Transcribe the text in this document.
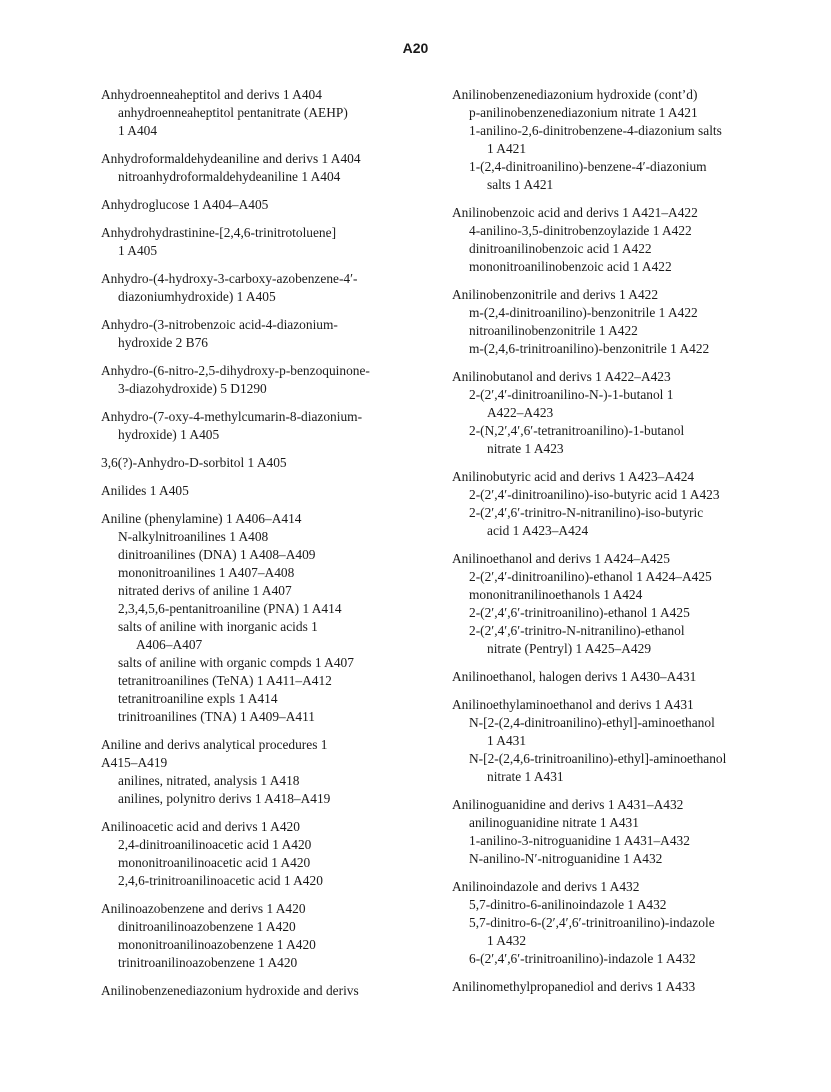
A20
Anhydroenneaheptitol and derivs 1 A404
anhydroenneaheptitol pentanitrate (AEHP)
1 A404
Anhydroformaldehydeaniline and derivs 1 A404
nitroanhydroformaldehydeaniline 1 A404
Anhydroglucose 1 A404–A405
Anhydrohydrastinine-[2,4,6-trinitrotoluene]
1 A405
Anhydro-(4-hydroxy-3-carboxy-azobenzene-4′-
diazoniumhydroxide) 1 A405
Anhydro-(3-nitrobenzoic acid-4-diazonium-
hydroxide 2 B76
Anhydro-(6-nitro-2,5-dihydroxy-p-benzoquinone-
3-diazohydroxide) 5 D1290
Anhydro-(7-oxy-4-methylcumarin-8-diazonium-
hydroxide) 1 A405
3,6(?)-Anhydro-D-sorbitol 1 A405
Anilides 1 A405
Aniline (phenylamine) 1 A406–A414
N-alkylnitroanilines 1 A408
dinitroanilines (DNA) 1 A408–A409
mononitroanilines 1 A407–A408
nitrated derivs of aniline 1 A407
2,3,4,5,6-pentanitroaniline (PNA) 1 A414
salts of aniline with inorganic acids 1
A406–A407
salts of aniline with organic compds 1 A407
tetranitroanilines (TeNA) 1 A411–A412
tetranitroaniline expls 1 A414
trinitroanilines (TNA) 1 A409–A411
Aniline and derivs analytical procedures 1
A415–A419
anilines, nitrated, analysis 1 A418
anilines, polynitro derivs 1 A418–A419
Anilinoacetic acid and derivs 1 A420
2,4-dinitroanilinoacetic acid 1 A420
mononitroanilinoacetic acid 1 A420
2,4,6-trinitroanilinoacetic acid 1 A420
Anilinoazobenzene and derivs 1 A420
dinitroanilinoazobenzene 1 A420
mononitroanilinoazobenzene 1 A420
trinitroanilinoazobenzene 1 A420
Anilinobenzenediazonium hydroxide and derivs
Anilinobenzenediazonium hydroxide (cont’d)
p-anilinobenzenediazonium nitrate 1 A421
1-anilino-2,6-dinitrobenzene-4-diazonium salts
1 A421
1-(2,4-dinitroanilino)-benzene-4′-diazonium
salts 1 A421
Anilinobenzoic acid and derivs 1 A421–A422
4-anilino-3,5-dinitrobenzoylazide 1 A422
dinitroanilinobenzoic acid 1 A422
mononitroanilinobenzoic acid 1 A422
Anilinobenzonitrile and derivs 1 A422
m-(2,4-dinitroanilino)-benzonitrile 1 A422
nitroanilinobenzonitrile 1 A422
m-(2,4,6-trinitroanilino)-benzonitrile 1 A422
Anilinobutanol and derivs 1 A422–A423
2-(2′,4′-dinitroanilino-N-)-1-butanol 1
A422–A423
2-(N,2′,4′,6′-tetranitroanilino)-1-butanol
nitrate 1 A423
Anilinobutyric acid and derivs 1 A423–A424
2-(2′,4′-dinitroanilino)-iso-butyric acid 1 A423
2-(2′,4′,6′-trinitro-N-nitranilino)-iso-butyric
acid 1 A423–A424
Anilinoethanol and derivs 1 A424–A425
2-(2′,4′-dinitroanilino)-ethanol 1 A424–A425
mononitranilinoethanols 1 A424
2-(2′,4′,6′-trinitroanilino)-ethanol 1 A425
2-(2′,4′,6′-trinitro-N-nitranilino)-ethanol
nitrate (Pentryl) 1 A425–A429
Anilinoethanol, halogen derivs 1 A430–A431
Anilinoethylaminoethanol and derivs 1 A431
N-[2-(2,4-dinitroanilino)-ethyl]-aminoethanol
1 A431
N-[2-(2,4,6-trinitroanilino)-ethyl]-aminoethanol
nitrate 1 A431
Anilinoguanidine and derivs 1 A431–A432
anilinoguanidine nitrate 1 A431
1-anilino-3-nitroguanidine 1 A431–A432
N-anilino-N′-nitroguanidine 1 A432
Anilinoindazole and derivs 1 A432
5,7-dinitro-6-anilinoindazole 1 A432
5,7-dinitro-6-(2′,4′,6′-trinitroanilino)-indazole
1 A432
6-(2′,4′,6′-trinitroanilino)-indazole 1 A432
Anilinomethylpropanediol and derivs 1 A433
